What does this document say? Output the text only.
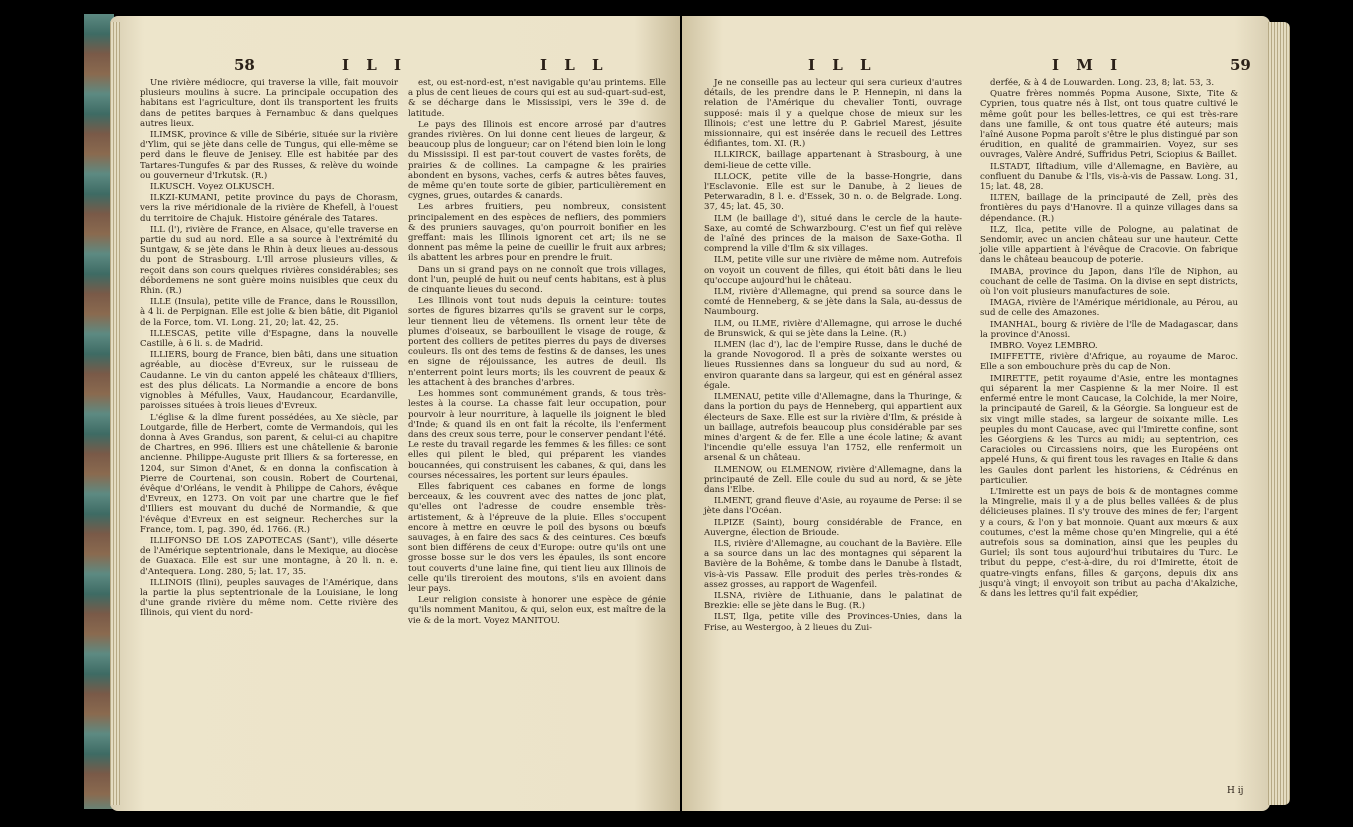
58	I L I	I L L

Une rivière médiocre, qui traverse la ville, fait mouvoir plusieurs moulins à sucre. La principale occupation des habitans est l'agriculture, dont ils transportent les fruits dans de petites barques à Fernambuc & dans quelques autres lieux.

ILIMSK, province & ville de Sibérie, située sur la rivière d'Ylim, qui se jète dans celle de Tungus, qui elle-même se perd dans le fleuve de Jenisey. Elle est habitée par des Tartares-Tungufes & par des Russes, & relève du woinde ou gouverneur d'Irkutsk. (R.)

ILKUSCH. Voyez OLKUSCH.

ILKZI-KUMANI, petite province du pays de Chorasm, vers la rive méridionale de la rivière de Khefell, à l'ouest du territoire de Chajuk. Histoire générale des Tatares.

ILL (l'), rivière de France, en Alsace, qu'elle traverse en partie du sud au nord. Elle a sa source à l'extrémité du Suntgaw, & se jète dans le Rhin à deux lieues au-dessous du pont de Strasbourg. L'Ill arrose plusieurs villes, & reçoit dans son cours quelques rivières considérables; ses débordemens ne sont guère moins nuisibles que ceux du Rhin. (R.)

ILLE (Insula), petite ville de France, dans le Roussillon, à 4 li. de Perpignan. Elle est jolie & bien bâtie, dit Piganiol de la Force, tom. VI. Long. 21, 20; lat. 42, 25.

ILLESCAS, petite ville d'Espagne, dans la nouvelle Castille, à 6 li. s. de Madrid.

ILLIERS, bourg de France, bien bâti, dans une situation agréable, au diocèse d'Evreux, sur le ruisseau de Caudanne. Le vin du canton appelé les châteaux d'Illiers, est des plus délicats. La Normandie a encore de bons vignobles à Méfulles, Vaux, Haudancour, Ecardanville, paroisses situées à trois lieues d'Evreux.

L'église & la dîme furent possédées, au Xe siècle, par Loutgarde, fille de Herbert, comte de Vermandois, qui les donna à Aves Grandus, son parent, & celui-ci au chapitre de Chartres, en 996. Illiers est une châtellenie & baronie ancienne. Philippe-Auguste prit Illiers & sa forteresse, en 1204, sur Simon d'Anet, & en donna la confiscation à Pierre de Courtenai, son cousin. Robert de Courtenai, évêque d'Orléans, le vendit à Philippe de Cahors, évêque d'Evreux, en 1273. On voit par une chartre que le fief d'Illiers est mouvant du duché de Normandie, & que l'évêque d'Evreux en est seigneur. Recherches sur la France, tom. I, pag. 390, éd. 1766. (R.)

ILLIFONSO DE LOS ZAPOTECAS (Sant'), ville déserte de l'Amérique septentrionale, dans le Mexique, au diocèse de Guaxaca. Elle est sur une montagne, à 20 li. n. e. d'Antequera. Long. 280, 5; lat. 17, 35.

ILLINOIS (Ilini), peuples sauvages de l'Amérique, dans la partie la plus septentrionale de la Louisiane, le long d'une grande rivière du même nom. Cette rivière des Illinois, qui vient du nord-

est, ou est-nord-est, n'est navigable qu'au printems. Elle a plus de cent lieues de cours qui est au sud-quart-sud-est, & se décharge dans le Mississipi, vers le 39e d. de latitude.

Le pays des Illinois est encore arrosé par d'autres grandes rivières. On lui donne cent lieues de largeur, & beaucoup plus de longueur; car on l'étend bien loin le long du Mississipi. Il est par-tout couvert de vastes forêts, de prairies & de collines. La campagne & les prairies abondent en bysons, vaches, cerfs & autres bêtes fauves, de même qu'en toute sorte de gibier, particulièrement en cygnes, grues, outardes & canards.

Les arbres fruitiers, peu nombreux, consistent principalement en des espèces de nefliers, des pommiers & des pruniers sauvages, qu'on pourroit bonifier en les greffant: mais les Illinois ignorent cet art; ils ne se donnent pas même la peine de cueillir le fruit aux arbres; ils abattent les arbres pour en prendre le fruit.

Dans un si grand pays on ne connoît que trois villages, dont l'un, peuplé de huit ou neuf cents habitans, est à plus de cinquante lieues du second.

Les Illinois vont tout nuds depuis la ceinture: toutes sortes de figures bizarres qu'ils se gravent sur le corps, leur tiennent lieu de vêtemens. Ils ornent leur tête de plumes d'oiseaux, se barbouillent le visage de rouge, & portent des colliers de petites pierres du pays de diverses couleurs. Ils ont des tems de festins & de danses, les unes en signe de réjouissance, les autres de deuil. Ils n'enterrent point leurs morts; ils les couvrent de peaux & les attachent à des branches d'arbres.

Les hommes sont communément grands, & tous très-lestes à la course. La chasse fait leur occupation, pour pourvoir à leur nourriture, à laquelle ils joignent le bled d'Inde; & quand ils en ont fait la récolte, ils l'enferment dans des creux sous terre, pour le conserver pendant l'été. Le reste du travail regarde les femmes & les filles: ce sont elles qui pilent le bled, qui préparent les viandes boucannées, qui construisent les cabanes, & qui, dans les courses nécessaires, les portent sur leurs épaules.

Elles fabriquent ces cabanes en forme de longs berceaux, & les couvrent avec des nattes de jonc plat, qu'elles ont l'adresse de coudre ensemble très-artistement, & à l'épreuve de la pluie. Elles s'occupent encore à mettre en œuvre le poil des bysons ou bœufs sauvages, à en faire des sacs & des ceintures. Ces bœufs sont bien différens de ceux d'Europe: outre qu'ils ont une grosse bosse sur le dos vers les épaules, ils sont encore tout couverts d'une laine fine, qui tient lieu aux Illinois de celle qu'ils tireroient des moutons, s'ils en avoient dans leur pays.

Leur religion consiste à honorer une espèce de génie qu'ils nomment Manitou, & qui, selon eux, est maître de la vie & de la mort. Voyez MANITOU.

I L L	I M I	59

Je ne conseille pas au lecteur qui sera curieux d'autres détails, de les prendre dans le P. Hennepin, ni dans la relation de l'Amérique du chevalier Tonti, ouvrage supposé: mais il y a quelque chose de mieux sur les Illinois; c'est une lettre du P. Gabriel Marest, jésuite missionnaire, qui est insérée dans le recueil des Lettres édifiantes, tom. XI. (R.)

ILLKIRCK, baillage appartenant à Strasbourg, à une demi-lieue de cette ville.

ILLOCK, petite ville de la basse-Hongrie, dans l'Esclavonie. Elle est sur le Danube, à 2 lieues de Peterwaradin, 8 l. e. d'Essek, 30 n. o. de Belgrade. Long. 37, 45; lat. 45, 30.

ILM (le baillage d'), situé dans le cercle de la haute-Saxe, au comté de Schwarzbourg. C'est un fief qui relève de l'aîné des princes de la maison de Saxe-Gotha. Il comprend la ville d'Ilm & six villages.

ILM, petite ville sur une rivière de même nom. Autrefois on voyoit un couvent de filles, qui étoit bâti dans le lieu qu'occupe aujourd'hui le château.

ILM, rivière d'Allemagne, qui prend sa source dans le comté de Henneberg, & se jète dans la Sala, au-dessus de Naumbourg.

ILM, ou ILME, rivière d'Allemagne, qui arrose le duché de Brunswick, & qui se jète dans la Leine. (R.)

ILMEN (lac d'), lac de l'empire Russe, dans le duché de la grande Novogorod. Il a près de soixante werstes ou lieues Russiennes dans sa longueur du sud au nord, & environ quarante dans sa largeur, qui est en général assez égale.

ILMENAU, petite ville d'Allemagne, dans la Thuringe, & dans la portion du pays de Henneberg, qui appartient aux électeurs de Saxe. Elle est sur la rivière d'Ilm, & préside à un baillage, autrefois beaucoup plus considérable par ses mines d'argent & de fer. Elle a une école latine; & avant l'incendie qu'elle essuya l'an 1752, elle renfermoit un arsenal & un château.

ILMENOW, ou ELMENOW, rivière d'Allemagne, dans la principauté de Zell. Elle coule du sud au nord, & se jète dans l'Elbe.

ILMENT, grand fleuve d'Asie, au royaume de Perse: il se jète dans l'Océan.

ILPIZE (Saint), bourg considérable de France, en Auvergne, élection de Brioude.

ILS, rivière d'Allemagne, au couchant de la Bavière. Elle a sa source dans un lac des montagnes qui séparent la Bavière de la Bohême, & tombe dans le Danube à Ilstadt, vis-à-vis Passaw. Elle produit des perles très-rondes & assez grosses, au rapport de Wagenfeil.

ILSNA, rivière de Lithuanie, dans le palatinat de Brezkie: elle se jète dans le Bug. (R.)

ILST, Ilga, petite ville des Provinces-Unies, dans la Frise, au Westergoo, à 2 lieues du Zui-

derfée, & à 4 de Louwarden. Long. 23, 8; lat. 53, 3.

Quatre frères nommés Popma Ausone, Sixte, Tite & Cyprien, tous quatre nés à Ilst, ont tous quatre cultivé le même goût pour les belles-lettres, ce qui est très-rare dans une famille, & ont tous quatre été auteurs; mais l'aîné Ausone Popma paroît s'être le plus distingué par son érudition, en qualité de grammairien. Voyez, sur ses ouvrages, Valère André, Suffridus Petri, Sciopius & Baillet.

ILSTADT, Ilftadium, ville d'Allemagne, en Bavière, au confluent du Danube & l'Ils, vis-à-vis de Passaw. Long. 31, 15; lat. 48, 28.

ILTEN, baillage de la principauté de Zell, près des frontières du pays d'Hanovre. Il a quinze villages dans sa dépendance. (R.)

ILZ, Ilca, petite ville de Pologne, au palatinat de Sendomir, avec un ancien château sur une hauteur. Cette jolie ville appartient à l'évêque de Cracovie. On fabrique dans le château beaucoup de poterie.

IMABA, province du Japon, dans l'île de Niphon, au couchant de celle de Tasima. On la divise en sept districts, où l'on voit plusieurs manufactures de soie.

IMAGA, rivière de l'Amérique méridionale, au Pérou, au sud de celle des Amazones.

IMANHAL, bourg & rivière de l'île de Madagascar, dans la province d'Anossi.

IMBRO. Voyez LEMBRO.

IMIFFETTE, rivière d'Afrique, au royaume de Maroc. Elle a son embouchure près du cap de Non.

IMIRETTE, petit royaume d'Asie, entre les montagnes qui séparent la mer Caspienne & la mer Noire. Il est enfermé entre le mont Caucase, la Colchide, la mer Noire, la principauté de Gareil, & la Géorgie. Sa longueur est de six vingt mille stades, sa largeur de soixante mille. Les peuples du mont Caucase, avec qui l'Imirette confine, sont les Géorgiens & les Turcs au midi; au septentrion, ces Caracioles ou Circassiens noirs, que les Européens ont appelé Huns, & qui firent tous les ravages en Italie & dans les Gaules dont parlent les historiens, & Cédrénus en particulier.

L'Imirette est un pays de bois & de montagnes comme la Mingrelie, mais il y a de plus belles vallées & de plus délicieuses plaines. Il s'y trouve des mines de fer; l'argent y a cours, & l'on y bat monnoie. Quant aux mœurs & aux coutumes, c'est la même chose qu'en Mingrelie, qui a été autrefois sous sa domination, ainsi que les peuples du Guriel; ils sont tous aujourd'hui tributaires du Turc. Le tribut du peppe, c'est-à-dire, du roi d'Imirette, étoit de quatre-vingts enfans, filles & garçons, depuis dix ans jusqu'à vingt; il envoyoit son tribut au pacha d'Akalziche, & dans les lettres qu'il fait expédier,

H ij
